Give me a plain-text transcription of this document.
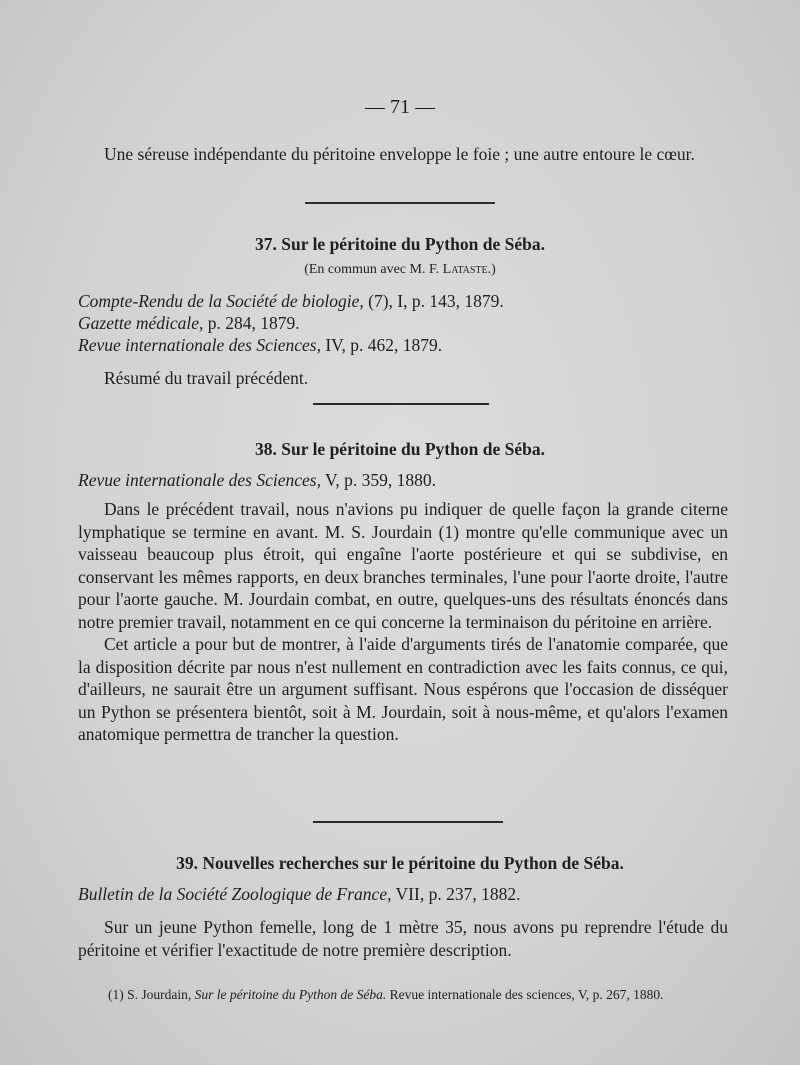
— 71 —

Une séreuse indépendante du péritoine enveloppe le foie ; une autre entoure le cœur.

37. Sur le péritoine du Python de Séba.
(En commun avec M. F. Lataste.)

Compte-Rendu de la Société de biologie, (7), I, p. 143, 1879.

Gazette médicale, p. 284, 1879.

Revue internationale des Sciences, IV, p. 462, 1879.

Résumé du travail précédent.

38. Sur le péritoine du Python de Séba.

Revue internationale des Sciences, V, p. 359, 1880.

Dans le précédent travail, nous n'avions pu indiquer de quelle façon la grande citerne lymphatique se termine en avant. M. S. Jourdain (1) montre qu'elle communique avec un vaisseau beaucoup plus étroit, qui engaîne l'aorte postérieure et qui se subdivise, en conservant les mêmes rapports, en deux branches terminales, l'une pour l'aorte droite, l'autre pour l'aorte gauche. M. Jourdain combat, en outre, quelques-uns des résultats énoncés dans notre premier travail, notamment en ce qui concerne la terminaison du péritoine en arrière.

Cet article a pour but de montrer, à l'aide d'arguments tirés de l'anatomie comparée, que la disposition décrite par nous n'est nullement en contradiction avec les faits connus, ce qui, d'ailleurs, ne saurait être un argument suffisant. Nous espérons que l'occasion de disséquer un Python se présentera bientôt, soit à M. Jourdain, soit à nous-même, et qu'alors l'examen anatomique permettra de trancher la question.

39. Nouvelles recherches sur le péritoine du Python de Séba.

Bulletin de la Société Zoologique de France, VII, p. 237, 1882.

Sur un jeune Python femelle, long de 1 mètre 35, nous avons pu reprendre l'étude du péritoine et vérifier l'exactitude de notre première description.

(1) S. Jourdain, Sur le péritoine du Python de Séba. Revue internationale des sciences, V, p. 267, 1880.
